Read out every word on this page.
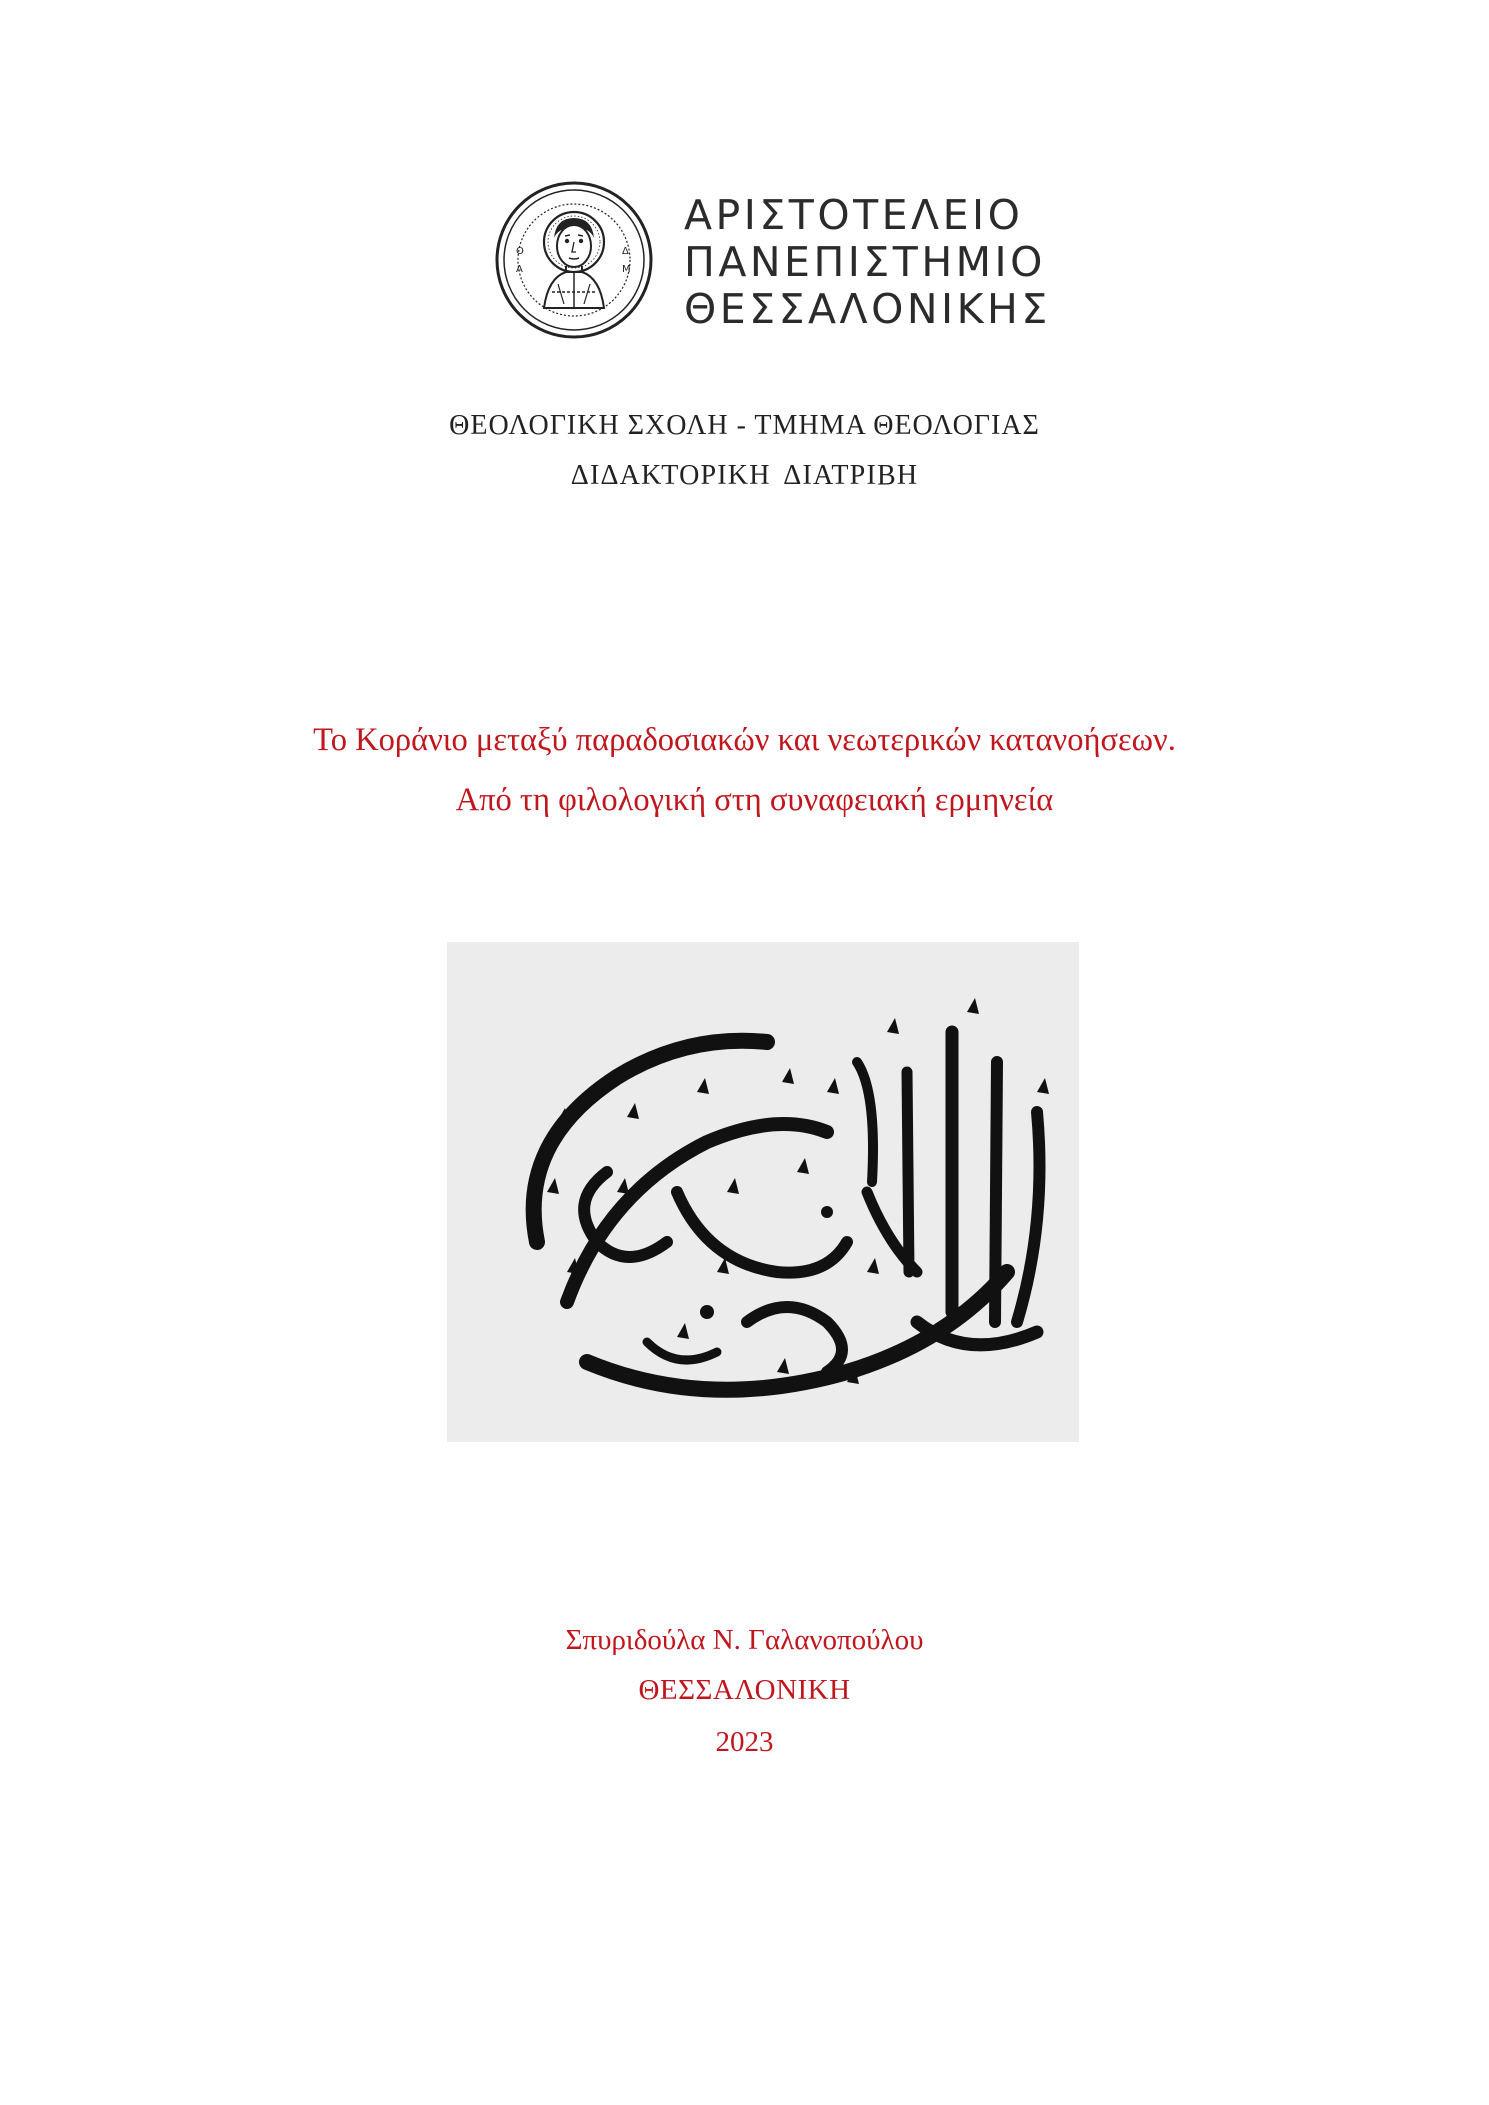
Ο
Α
Δ
Μ
ΑΡΙΣΤΟΤΕΛΕΙΟ
ΠΑΝΕΠΙΣΤΗΜΙΟ
ΘΕΣΣΑΛΟΝΙΚΗΣ
ΘΕΟΛΟΓΙΚΗ ΣΧΟΛΗ - ΤΜΗΜΑ ΘΕΟΛΟΓΙΑΣ
ΔΙΔΑΚΤΟΡΙΚΗ ΔΙΑΤΡΙΒΗ
Το Κοράνιο μεταξύ παραδοσιακών και νεωτερικών κατανοήσεων.
Από τη φιλολογική στη συναφειακή ερμηνεία
Σπυριδούλα Ν. Γαλανοπούλου
ΘΕΣΣΑΛΟΝΙΚΗ
2023
